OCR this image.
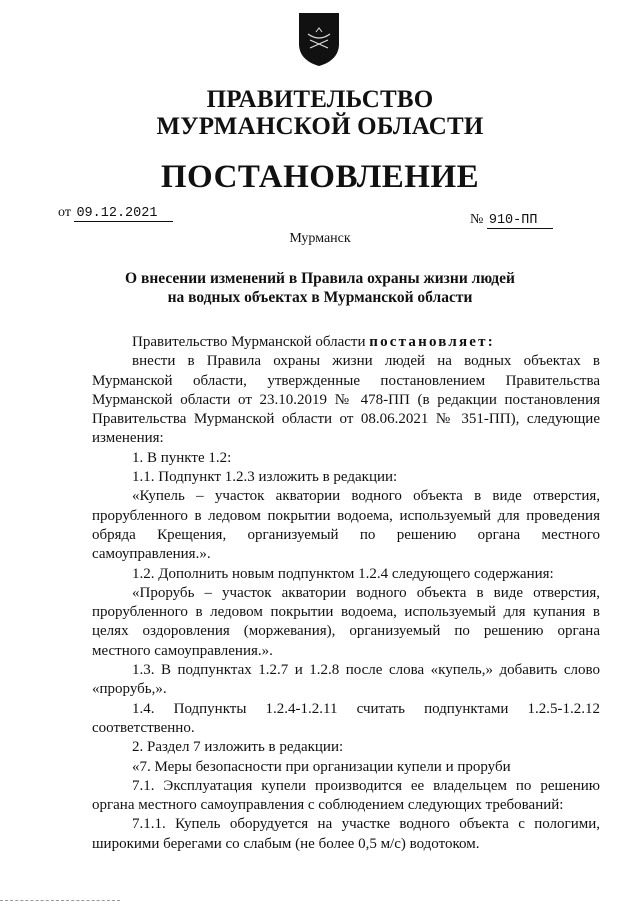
ПРАВИТЕЛЬСТВО
МУРМАНСКОЙ ОБЛАСТИ
ПОСТАНОВЛЕНИЕ
от 09.12.2021	№ 910-ПП
Мурманск
О внесении изменений в Правила охраны жизни людей
на водных объектах в Мурманской области

Правительство Мурманской области постановляет:

внести в Правила охраны жизни людей на водных объектах в Мурманской области, утвержденные постановлением Правительства Мурманской области от 23.10.2019 № 478-ПП (в редакции постановления Правительства Мурманской области от 08.06.2021 № 351-ПП), следующие изменения:

1. В пункте 1.2:

1.1. Подпункт 1.2.3 изложить в редакции:

«Купель – участок акватории водного объекта в виде отверстия, прорубленного в ледовом покрытии водоема, используемый для проведения обряда Крещения, организуемый по решению органа местного самоуправления.».

1.2. Дополнить новым подпунктом 1.2.4 следующего содержания:

«Прорубь – участок акватории водного объекта в виде отверстия, прорубленного в ледовом покрытии водоема, используемый для купания в целях оздоровления (моржевания), организуемый по решению органа местного самоуправления.».

1.3. В подпунктах 1.2.7 и 1.2.8 после слова «купель,» добавить слово «прорубь,».

1.4. Подпункты 1.2.4-1.2.11 считать подпунктами 1.2.5-1.2.12 соответственно.

2. Раздел 7 изложить в редакции:

«7. Меры безопасности при организации купели и проруби

7.1. Эксплуатация купели производится ее владельцем по решению органа местного самоуправления с соблюдением следующих требований:

7.1.1. Купель оборудуется на участке водного объекта с пологими, широкими берегами со слабым (не более 0,5 м/с) водотоком.
